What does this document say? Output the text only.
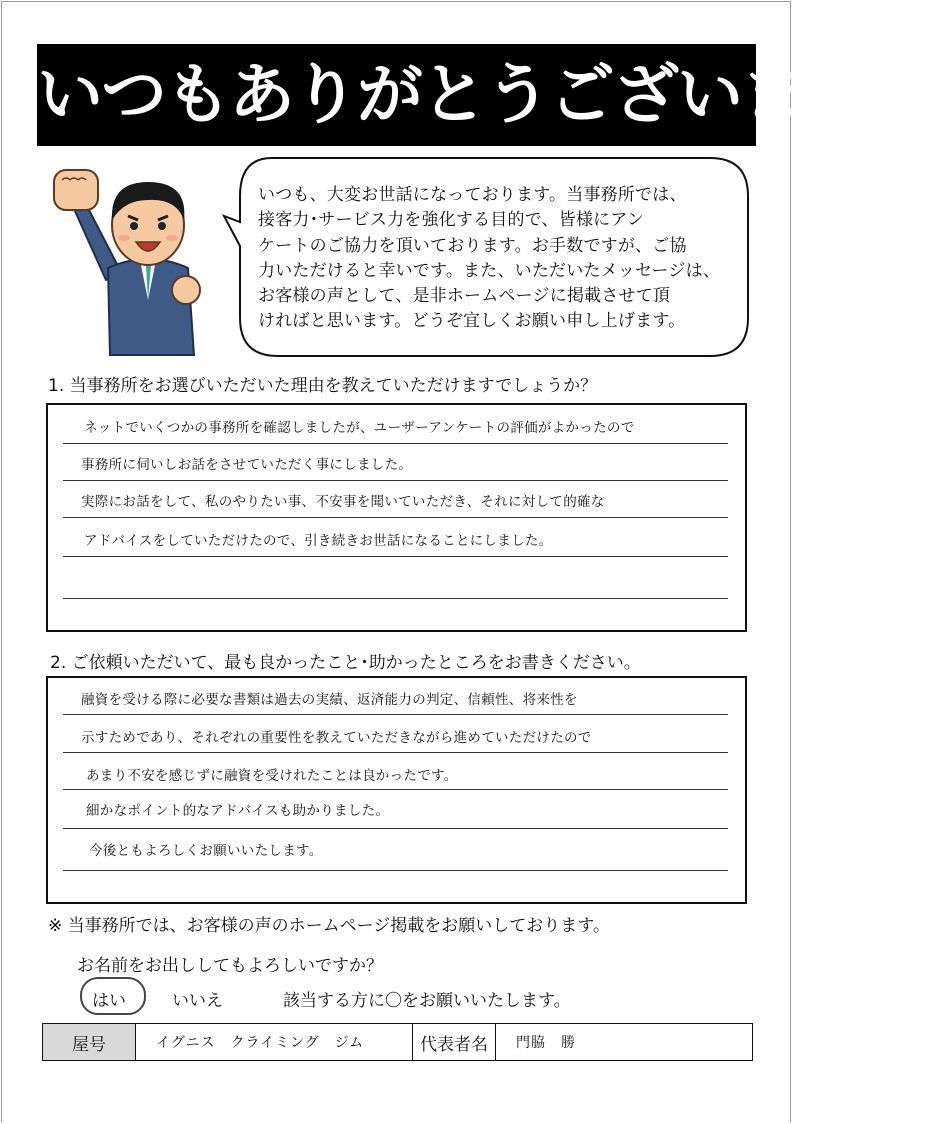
いつもありがとうございます！
いつも、大変お世話になっております。当事務所では、
接客力･サービス力を強化する目的で、皆様にアン
ケートのご協力を頂いております。お手数ですが、ご協
力いただけると幸いです。また、いただいたメッセージは、
お客様の声として、是非ホームページに掲載させて頂
ければと思います。どうぞ宜しくお願い申し上げます。
1. 当事務所をお選びいただいた理由を教えていただけますでしょうか？
ネットでいくつかの事務所を確認しましたが、ユーザーアンケートの評価がよかったので
事務所に伺いしお話をさせていただく事にしました。
実際にお話をして、私のやりたい事、不安事を聞いていただき、それに対して的確な
アドバイスをしていただけたので、引き続きお世話になることにしました。
2. ご依頼いただいて、最も良かったこと･助かったところをお書きください。
融資を受ける際に必要な書類は過去の実績、返済能力の判定、信頼性、将来性を
示すためであり、それぞれの重要性を教えていただきながら進めていただけたので
あまり不安を感じずに融資を受けれたことは良かったです。
細かなポイント的なアドバイスも助かりました。
今後ともよろしくお願いいたします。
※ 当事務所では、お客様の声のホームページ掲載をお願いしております。
お名前をお出ししてもよろしいですか？
はい	いいえ	該当する方に〇をお願いいたします。
屋号	イグニス　クライミング　ジム	代表者名	門脇　勝
